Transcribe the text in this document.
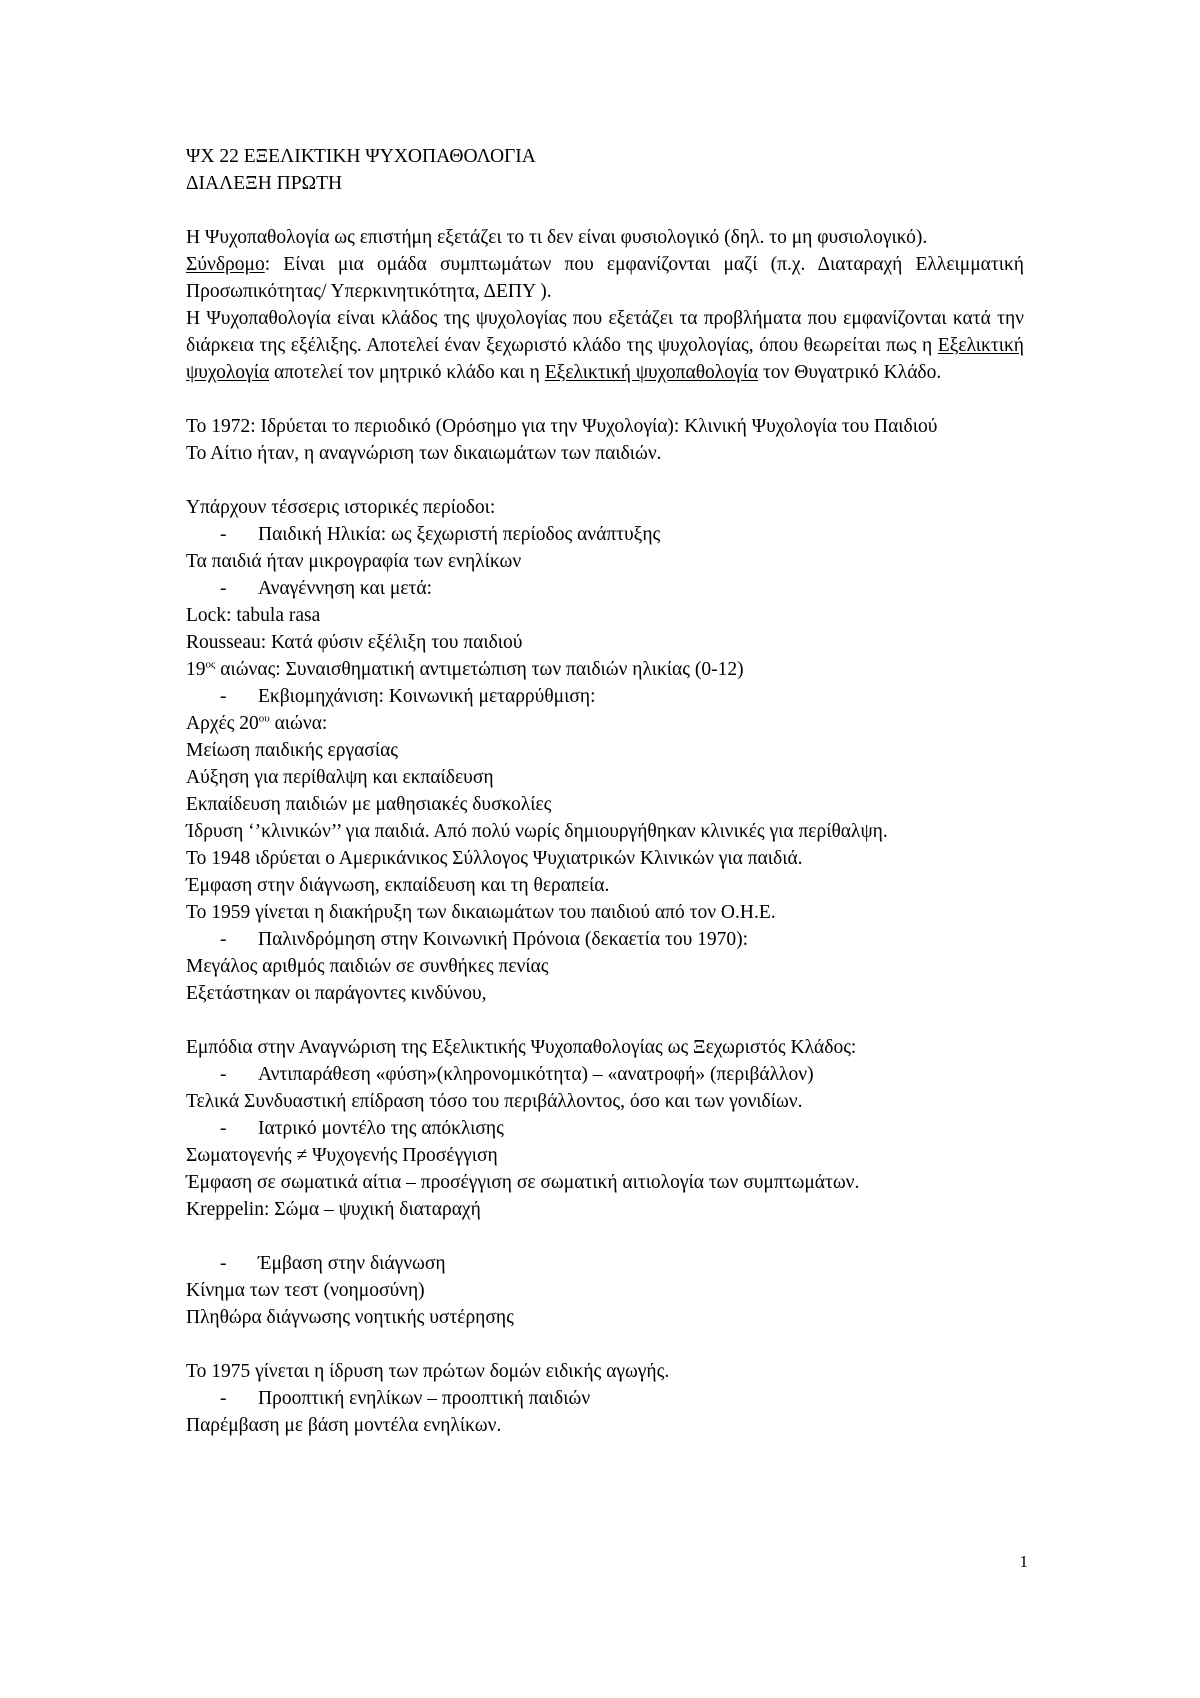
ΨΧ 22 ΕΞΕΛΙΚΤΙΚΗ ΨΥΧΟΠΑΘΟΛΟΓΙΑ
ΔΙΑΛΕΞΗ ΠΡΩΤΗ
Η Ψυχοπαθολογία ως επιστήμη εξετάζει το τι δεν είναι φυσιολογικό (δηλ. το μη φυσιολογικό).
Σύνδρομο: Είναι μια ομάδα συμπτωμάτων που εμφανίζονται μαζί (π.χ. Διαταραχή Ελλειμματική Προσωπικότητας/ Υπερκινητικότητα, ΔΕΠΥ ).
Η Ψυχοπαθολογία είναι κλάδος της ψυχολογίας που εξετάζει τα προβλήματα που εμφανίζονται κατά την διάρκεια της εξέλιξης. Αποτελεί έναν ξεχωριστό κλάδο της ψυχολογίας, όπου θεωρείται πως η Εξελικτική ψυχολογία αποτελεί τον μητρικό κλάδο και η Εξελικτική ψυχοπαθολογία τον Θυγατρικό Κλάδο.
Το 1972: Ιδρύεται το περιοδικό (Ορόσημο για την Ψυχολογία): Κλινική Ψυχολογία του Παιδιού
Το Αίτιο ήταν, η αναγνώριση των δικαιωμάτων των παιδιών.
Υπάρχουν τέσσερις ιστορικές περίοδοι:
- Παιδική Ηλικία: ως ξεχωριστή περίοδος ανάπτυξης
Τα παιδιά ήταν μικρογραφία των ενηλίκων
- Αναγέννηση και μετά:
Lock: tabula rasa
Rousseau: Κατά φύσιν εξέλιξη του παιδιού
$19^{o\varsigma}$ αιώνας: Συναισθηματική αντιμετώπιση των παιδιών ηλικίας (0-12)
- Εκβιομηχάνιση: Κοινωνική μεταρρύθμιση:
Αρχές $20^{o\upsilon}$ αιώνα:
Μείωση παιδικής εργασίας
Αύξηση για περίθαλψη και εκπαίδευση
Εκπαίδευση παιδιών με μαθησιακές δυσκολίες
Ίδρυση ‘’κλινικών’’ για παιδιά. Από πολύ νωρίς δημιουργήθηκαν κλινικές για περίθαλψη.
Το 1948 ιδρύεται ο Αμερικάνικος Σύλλογος Ψυχιατρικών Κλινικών για παιδιά.
Έμφαση στην διάγνωση, εκπαίδευση και τη θεραπεία.
Το 1959 γίνεται η διακήρυξη των δικαιωμάτων του παιδιού από τον Ο.Η.Ε.
- Παλινδρόμηση στην Κοινωνική Πρόνοια (δεκαετία του 1970):
Μεγάλος αριθμός παιδιών σε συνθήκες πενίας
Εξετάστηκαν οι παράγοντες κινδύνου,
Εμπόδια στην Αναγνώριση της Εξελικτικής Ψυχοπαθολογίας ως Ξεχωριστός Κλάδος:
- Αντιπαράθεση «φύση»(κληρονομικότητα) – «ανατροφή» (περιβάλλον)
Τελικά Συνδυαστική επίδραση τόσο του περιβάλλοντος, όσο και των γονιδίων.
- Ιατρικό μοντέλο της απόκλισης
Σωματογενής ≠ Ψυχογενής Προσέγγιση
Έμφαση σε σωματικά αίτια – προσέγγιση σε σωματική αιτιολογία των συμπτωμάτων.
Kreppelin: Σώμα – ψυχική διαταραχή
- Έμβαση στην διάγνωση
Κίνημα των τεστ (νοημοσύνη)
Πληθώρα διάγνωσης νοητικής υστέρησης
Το 1975 γίνεται η ίδρυση των πρώτων δομών ειδικής αγωγής.
- Προοπτική ενηλίκων – προοπτική παιδιών
Παρέμβαση με βάση μοντέλα ενηλίκων.
1
